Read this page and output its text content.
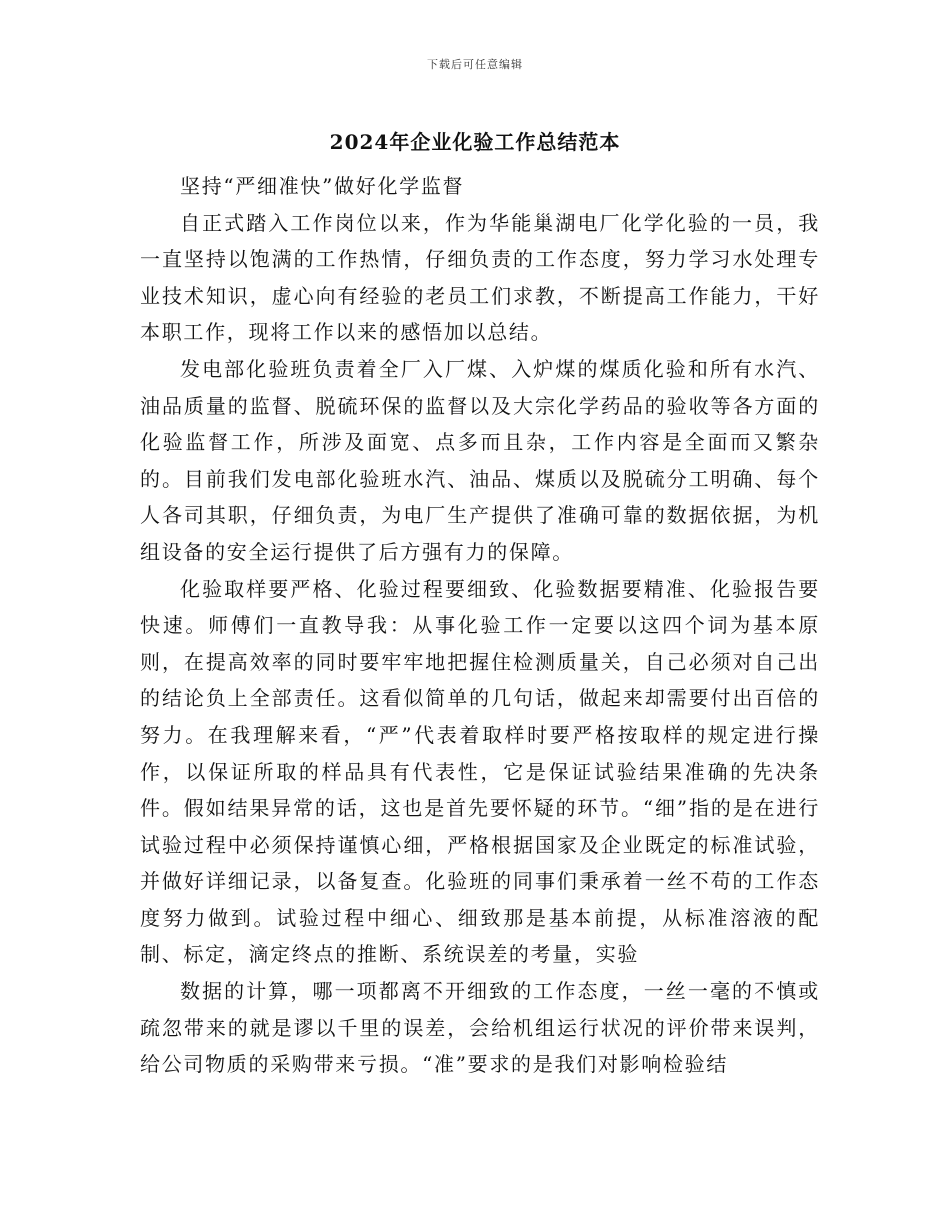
下载后可任意编辑
2024年企业化验工作总结范本

坚持“严细准快”做好化学监督

自正式踏入工作岗位以来，作为华能巢湖电厂化学化验的一员，我一直坚持以饱满的工作热情，仔细负责的工作态度，努力学习水处理专业技术知识，虚心向有经验的老员工们求教，不断提高工作能力，干好本职工作，现将工作以来的感悟加以总结。

发电部化验班负责着全厂入厂煤、入炉煤的煤质化验和所有水汽、油品质量的监督、脱硫环保的监督以及大宗化学药品的验收等各方面的化验监督工作，所涉及面宽、点多而且杂，工作内容是全面而又繁杂的。目前我们发电部化验班水汽、油品、煤质以及脱硫分工明确、每个人各司其职，仔细负责，为电厂生产提供了准确可靠的数据依据，为机组设备的安全运行提供了后方强有力的保障。

化验取样要严格、化验过程要细致、化验数据要精准、化验报告要快速。师傅们一直教导我：从事化验工作一定要以这四个词为基本原则，在提高效率的同时要牢牢地把握住检测质量关，自己必须对自己出的结论负上全部责任。这看似简单的几句话，做起来却需要付出百倍的努力。在我理解来看，“严”代表着取样时要严格按取样的规定进行操作，以保证所取的样品具有代表性，它是保证试验结果准确的先决条件。假如结果异常的话，这也是首先要怀疑的环节。“细”指的是在进行试验过程中必须保持谨慎心细，严格根据国家及企业既定的标准试验，并做好详细记录，以备复查。化验班的同事们秉承着一丝不苟的工作态度努力做到。试验过程中细心、细致那是基本前提，从标准溶液的配制、标定，滴定终点的推断、系统误差的考量，实验

数据的计算，哪一项都离不开细致的工作态度，一丝一毫的不慎或疏忽带来的就是谬以千里的误差，会给机组运行状况的评价带来误判，给公司物质的采购带来亏损。“准”要求的是我们对影响检验结
